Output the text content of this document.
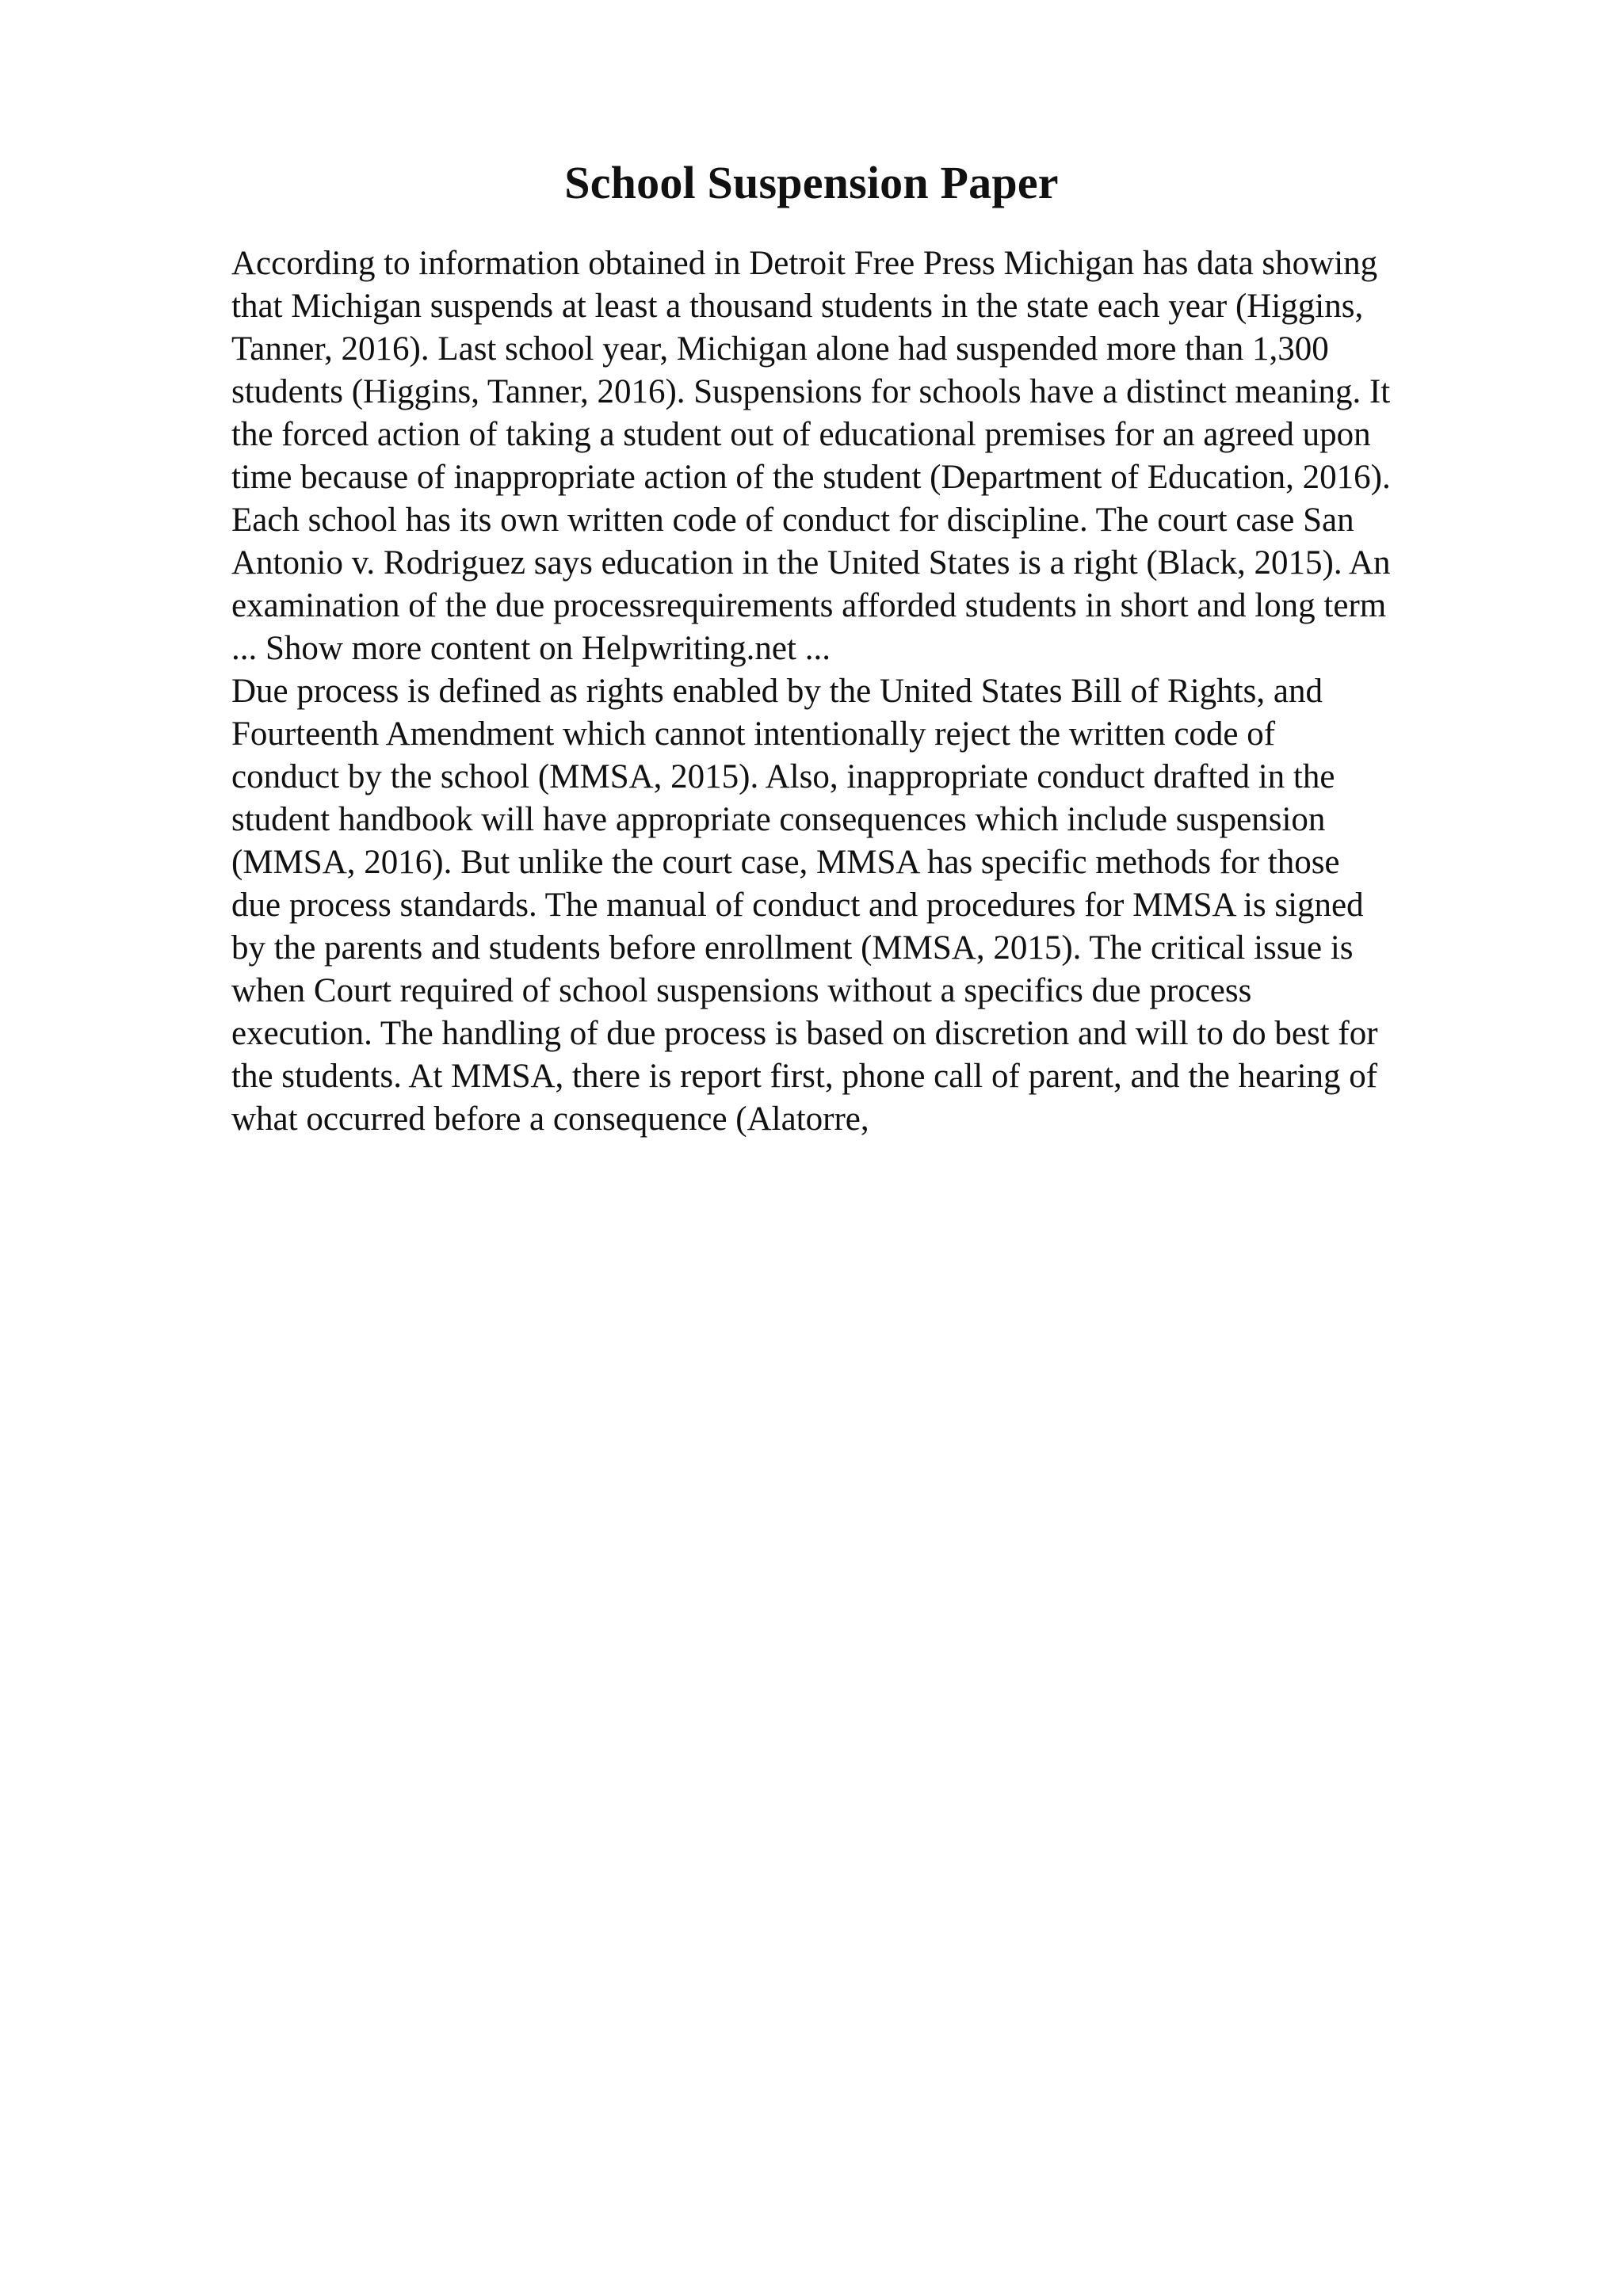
School Suspension Paper
According to information obtained in Detroit Free Press Michigan has data showing
that Michigan suspends at least a thousand students in the state each year (Higgins,
Tanner, 2016). Last school year, Michigan alone had suspended more than 1,300
students (Higgins, Tanner, 2016). Suspensions for schools have a distinct meaning. It
the forced action of taking a student out of educational premises for an agreed upon
time because of inappropriate action of the student (Department of Education, 2016).
Each school has its own written code of conduct for discipline. The court case San
Antonio v. Rodriguez says education in the United States is a right (Black, 2015). An
examination of the due processrequirements afforded students in short and long term
... Show more content on Helpwriting.net ...
Due process is defined as rights enabled by the United States Bill of Rights, and
Fourteenth Amendment which cannot intentionally reject the written code of
conduct by the school (MMSA, 2015). Also, inappropriate conduct drafted in the
student handbook will have appropriate consequences which include suspension
(MMSA, 2016). But unlike the court case, MMSA has specific methods for those
due process standards. The manual of conduct and procedures for MMSA is signed
by the parents and students before enrollment (MMSA, 2015). The critical issue is
when Court required of school suspensions without a specifics due process
execution. The handling of due process is based on discretion and will to do best for
the students. At MMSA, there is report first, phone call of parent, and the hearing of
what occurred before a consequence (Alatorre,
